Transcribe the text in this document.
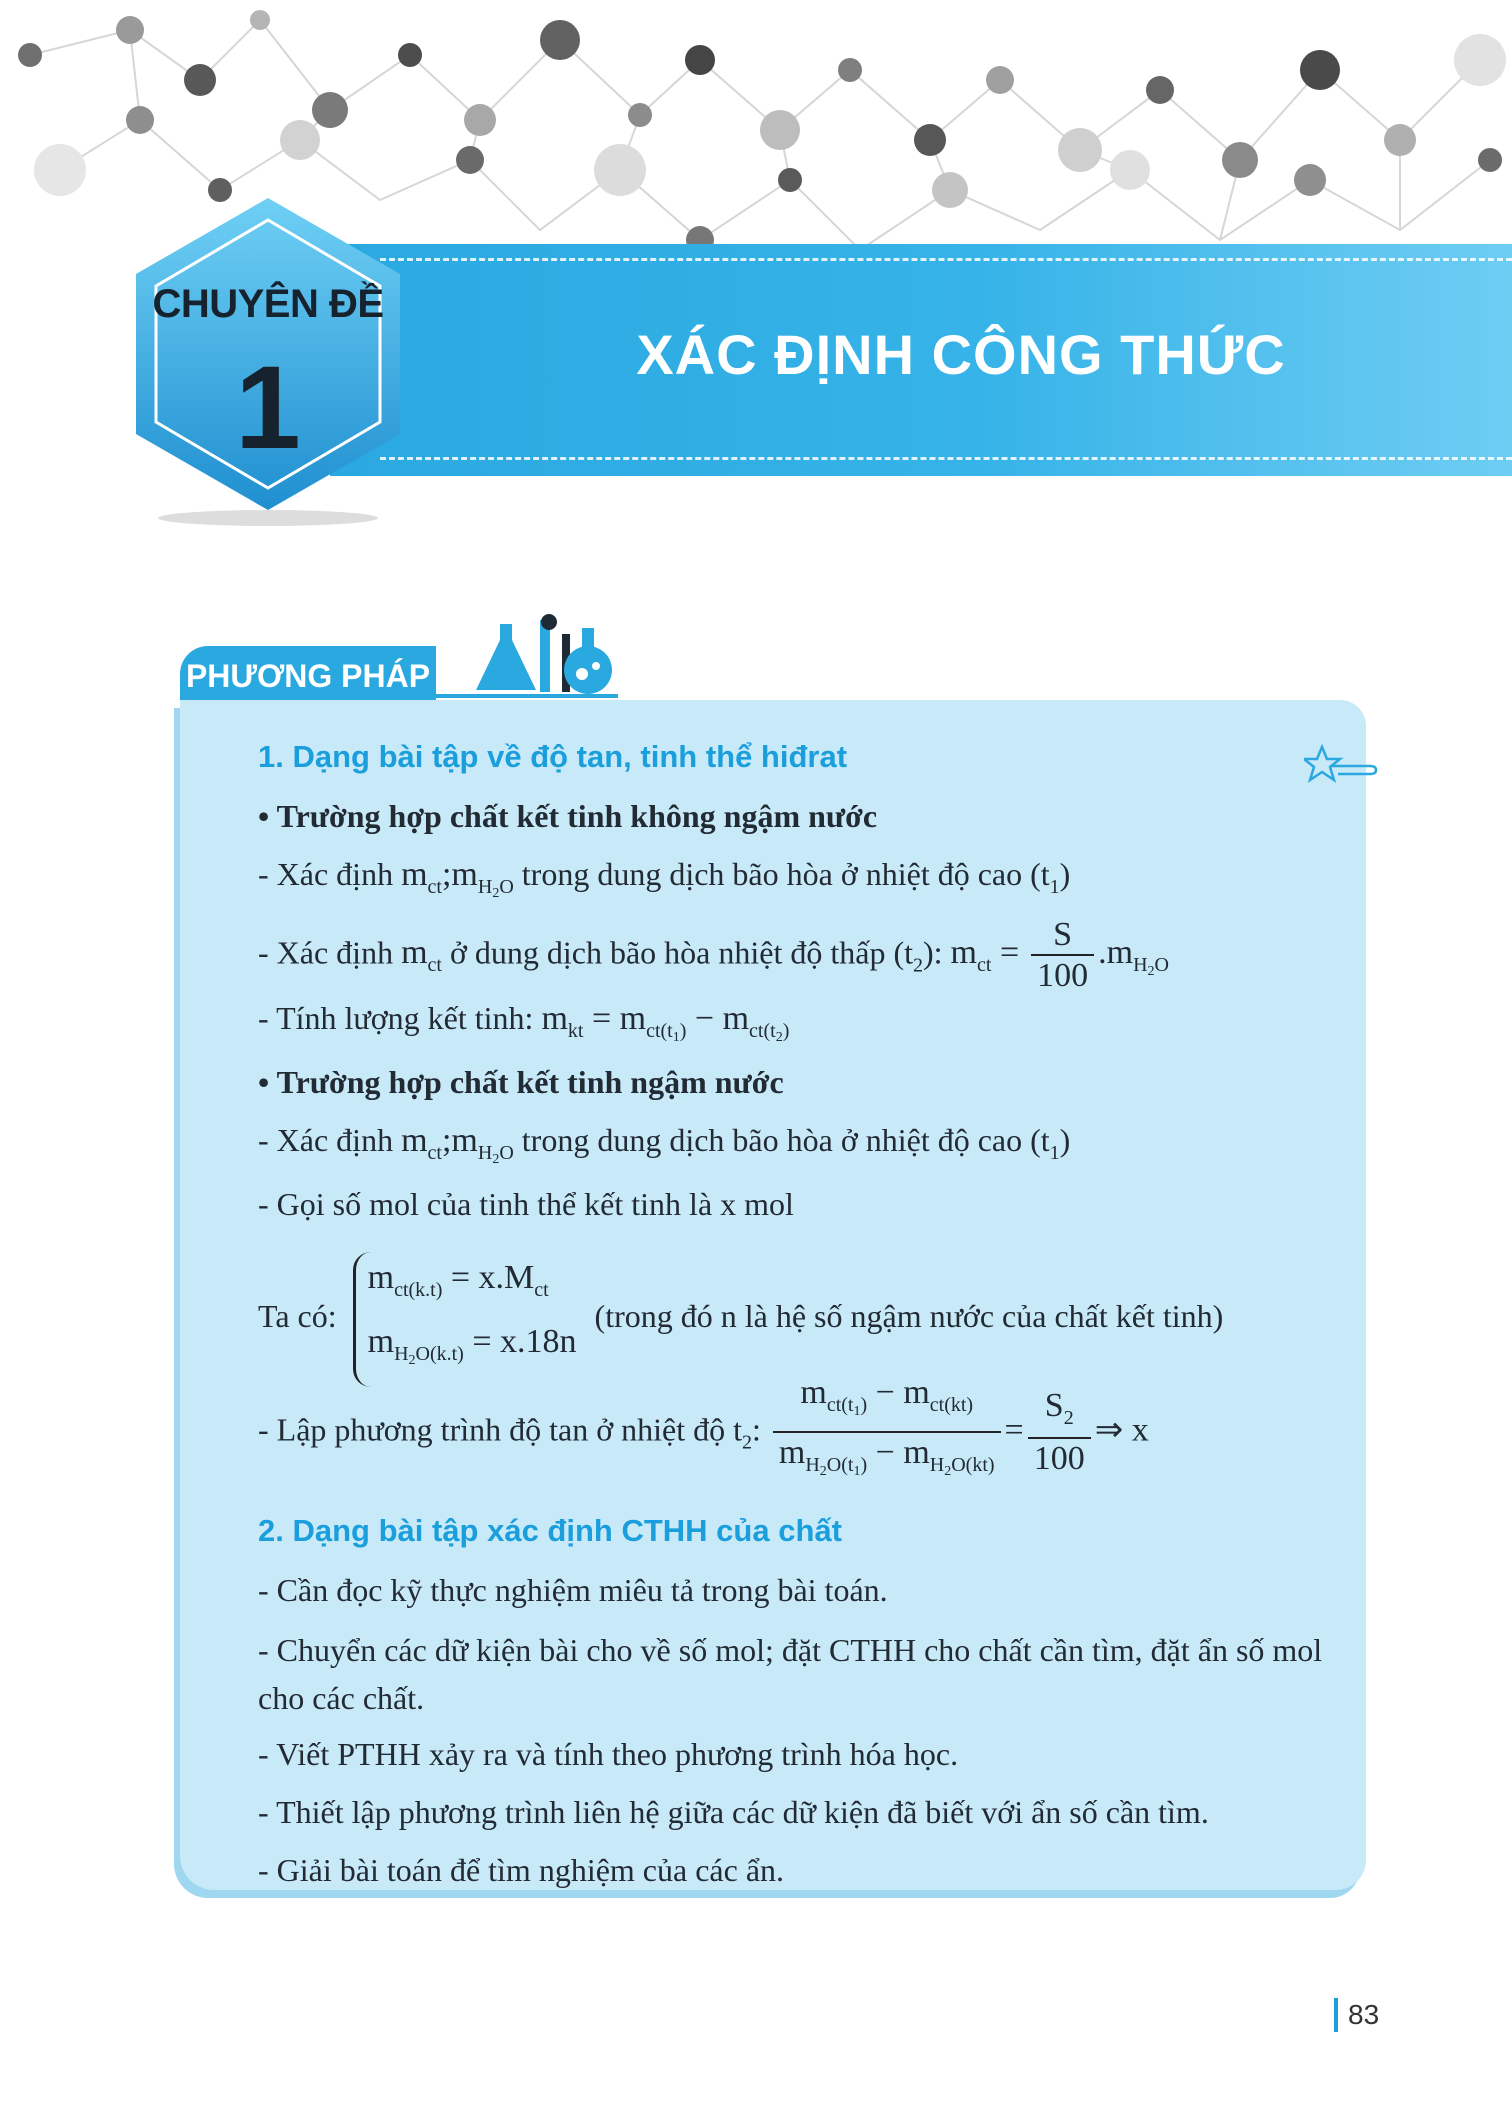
XÁC ĐỊNH CÔNG THỨC
CHUYÊN ĐỀ
1
PHƯƠNG PHÁP
1. Dạng bài tập về độ tan, tinh thể hiđrat
• Trường hợp chất kết tinh không ngậm nước
- Xác định $m_{ct};m_{H_2O}$ trong dung dịch bão hòa ở nhiệt độ cao $(t_1)$
- Xác định $m_{ct}$ ở dung dịch bão hòa nhiệt độ thấp $(t_2)$: $m_{ct} = \frac{S}{100} .m_{H_2O}$
- Tính lượng kết tinh: $m_{kt} = m_{ct(t_1)} - m_{ct(t_2)}$
• Trường hợp chất kết tinh ngậm nước
- Xác định $m_{ct};m_{H_2O}$ trong dung dịch bão hòa ở nhiệt độ cao $(t_1)$
- Gọi số mol của tinh thể kết tinh là x mol
Ta có:
$m_{ct(k.t)} = x.M_{ct}$
$m_{H_2O(k.t)} = x.18n$
(trong đó n là hệ số ngậm nước của chất kết tinh)
- Lập phương trình độ tan ở nhiệt độ $t_2$: $\frac{m_{ct(t_1)} - m_{ct(kt)}}{m_{H_2O(t_1)} - m_{H_2O(kt)}} = \frac{S_2}{100}$ ⇒ x
2. Dạng bài tập xác định CTHH của chất
- Cần đọc kỹ thực nghiệm miêu tả trong bài toán.
- Chuyển các dữ kiện bài cho về số mol; đặt CTHH cho chất cần tìm, đặt ẩn số mol cho các chất.
- Viết PTHH xảy ra và tính theo phương trình hóa học.
- Thiết lập phương trình liên hệ giữa các dữ kiện đã biết với ẩn số cần tìm.
- Giải bài toán để tìm nghiệm của các ẩn.
83
